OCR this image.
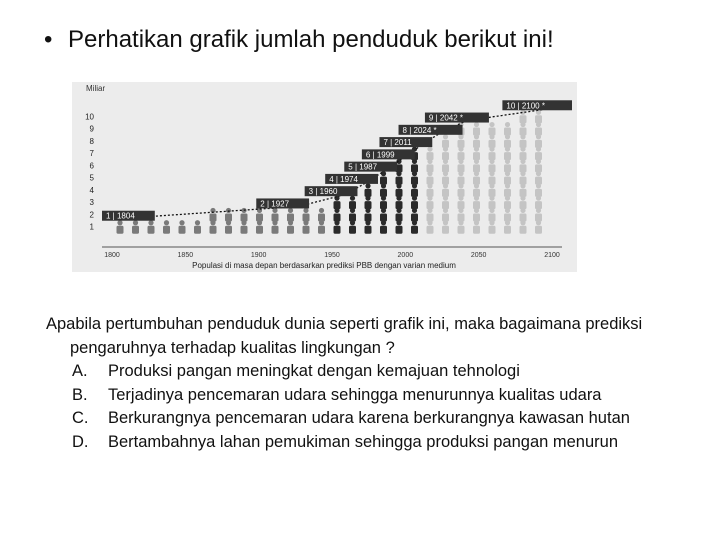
• Perhatikan grafik jumlah penduduk berikut ini!
Miliar
1
2
3
4
5
6
7
8
9
10
1800	1850	1900	1950	2000	2050	2100
1 | 1804
2 | 1927
3 | 1960
4 | 1974
5 | 1987
6 | 1999
7 | 2011
8 | 2024 *
9 | 2042 *
10 | 2100 *
Populasi di masa depan berdasarkan prediksi PBB dengan varian medium
Apabila pertumbuhan penduduk dunia seperti grafik ini, maka bagaimana prediksi pengaruhnya terhadap kualitas lingkungan ?
A. Produksi pangan meningkat dengan kemajuan tehnologi
B. Terjadinya pencemaran udara sehingga menurunnya kualitas udara
C. Berkurangnya pencemaran udara karena berkurangnya kawasan hutan
D. Bertambahnya lahan pemukiman sehingga produksi pangan menurun
